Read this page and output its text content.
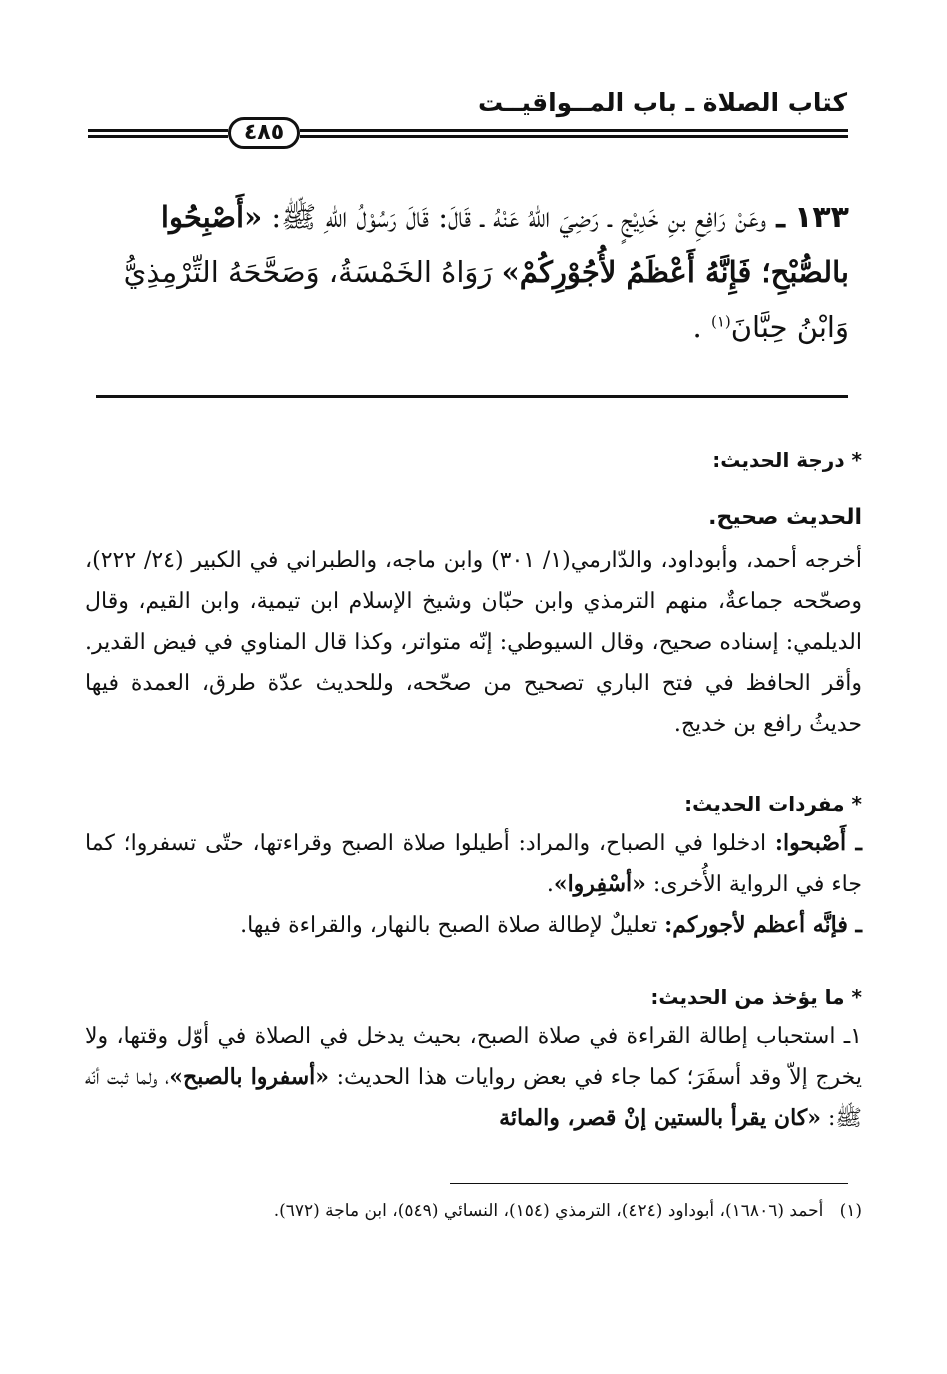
كتاب الصلاة ـ باب المــواقيــت
٤٨٥
١٣٣ ـ وعَنْ رَافِعِ بنِ خَدِيْجٍ ـ رَضِيَ اللهُ عَنْهُ ـ قَالَ: قَالَ رَسُوْلُ اللهِ ﷺ: «أَصْبِحُوا بالصُّبْحِ؛ فَإِنَّهُ أَعْظَمُ لأُجُوْرِكُمْ» رَوَاهُ الخَمْسَةُ، وَصَحَّحَهُ التِّرْمِذِيُّ وَابْنُ حِبَّانَ$^{(١)}$ .
* درجة الحديث:
الحديث صحيح.
أخرجه أحمد، وأبوداود، والدّارمي(١/ ٣٠١) وابن ماجه، والطبراني في الكبير (٢٤/ ٢٢٢)، وصحّحه جماعةٌ، منهم الترمذي وابن حبّان وشيخ الإسلام ابن تيمية، وابن القيم، وقال الديلمي: إسناده صحيح، وقال السيوطي: إنّه متواتر، وكذا قال المناوي في فيض القدير. وأقر الحافظ في فتح الباري تصحيح من صحّحه، وللحديث عدّة طرق، العمدة فيها حديثُ رافع بن خديج.
* مفردات الحديث:
ـ أَصْبحوا: ادخلوا في الصباح، والمراد: أطيلوا صلاة الصبح وقراءتها، حتّى تسفروا؛ كما جاء في الرواية الأُخرى: «أسْفِروا».
ـ فإنَّه أعظم لأجوركم: تعليلٌ لإطالة صلاة الصبح بالنهار، والقراءة فيها.
* ما يؤخذ من الحديث:
١ـ استحباب إطالة القراءة في صلاة الصبح، بحيث يدخل في الصلاة في أوّل وقتها، ولا يخرج إلاّ وقد أسفَرَ؛ كما جاء في بعض روايات هذا الحديث: «أسفروا بالصبح»، ولما ثبت أنّه ﷺ: «كان يقرأ بالستين إنْ قصر، والمائة
(١)   أحمد (١٦٨٠٦)، أبوداود (٤٢٤)، الترمذي (١٥٤)، النسائي (٥٤٩)، ابن ماجة (٦٧٢).
